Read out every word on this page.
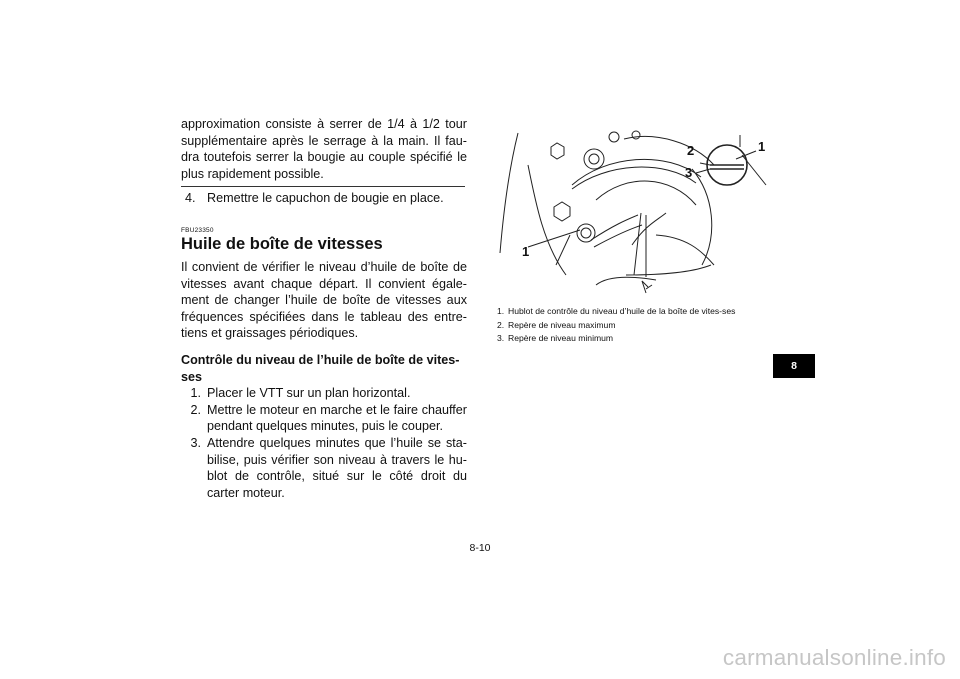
approximation consiste à serrer de 1/4 à 1/2 tour supplémentaire après le serrage à la main. Il fau-dra toutefois serrer la bougie au couple spécifié le plus rapidement possible.

4. Remettre le capuchon de bougie en place.
FBU23350
Huile de boîte de vitesses

Il convient de vérifier le niveau d’huile de boîte de vitesses avant chaque départ. Il convient égale-ment de changer l’huile de boîte de vitesses aux fréquences spécifiées dans le tableau des entre-tiens et graissages périodiques.

Contrôle du niveau de l’huile de boîte de vites-ses

1. Placer le VTT sur un plan horizontal.
2. Mettre le moteur en marche et le faire chauffer pendant quelques minutes, puis le couper.
3. Attendre quelques minutes que l’huile se sta-bilise, puis vérifier son niveau à travers le hu-blot de contrôle, situé sur le côté droit du carter moteur.
1
2
3
1
1. Hublot de contrôle du niveau d’huile de la boîte de vites-ses
2. Repère de niveau maximum
3. Repère de niveau minimum
8
8-10
carmanualsonline.info
